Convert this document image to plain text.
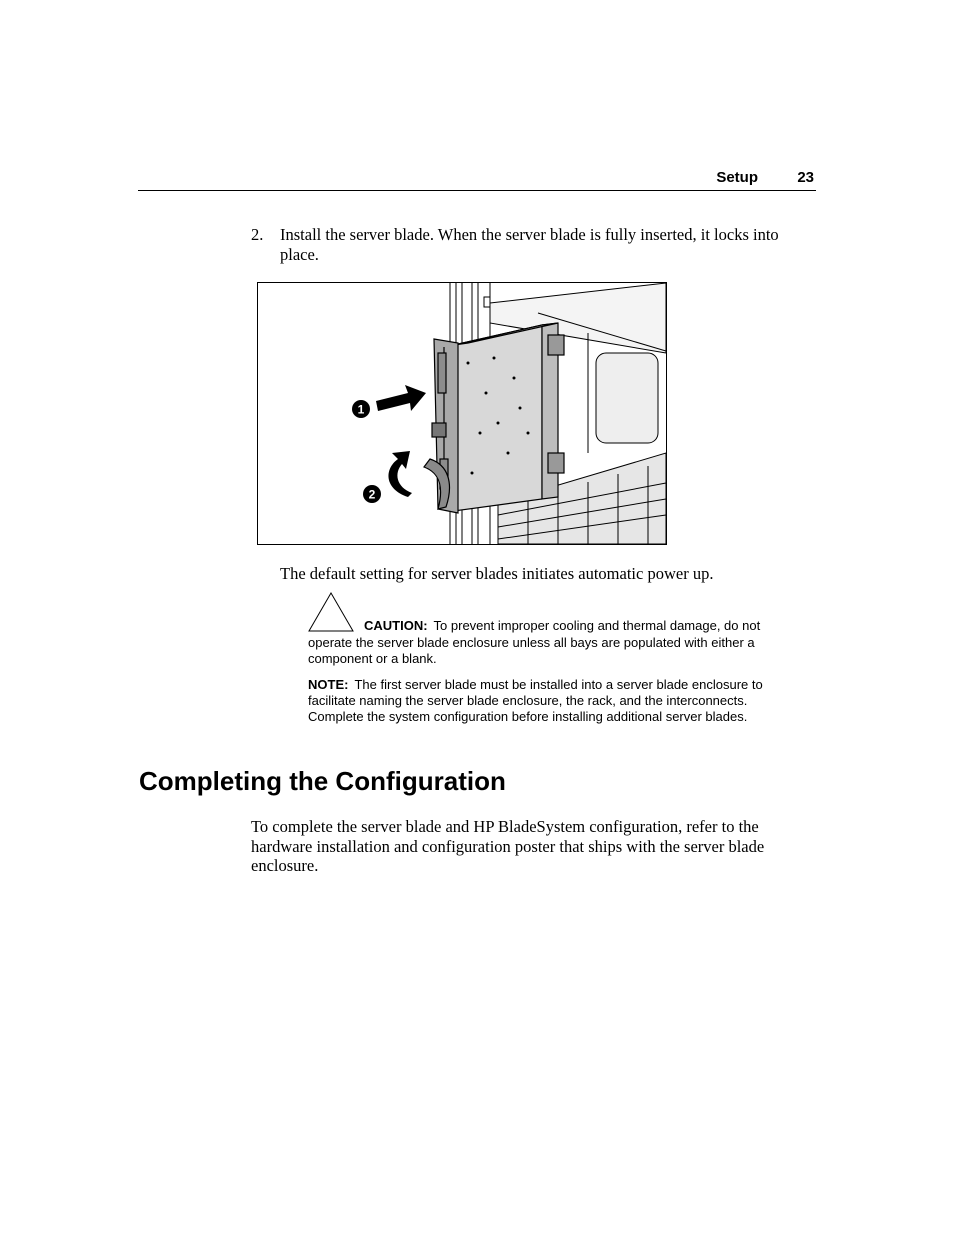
Setup	23
2. Install the server blade. When the server blade is fully inserted, it locks into place.
1
2
The default setting for server blades initiates automatic power up.
CAUTION: To prevent improper cooling and thermal damage, do not operate the server blade enclosure unless all bays are populated with either a component or a blank.
NOTE: The first server blade must be installed into a server blade enclosure to facilitate naming the server blade enclosure, the rack, and the interconnects. Complete the system configuration before installing additional server blades.
Completing the Configuration
To complete the server blade and HP BladeSystem configuration, refer to the hardware installation and configuration poster that ships with the server blade enclosure.
